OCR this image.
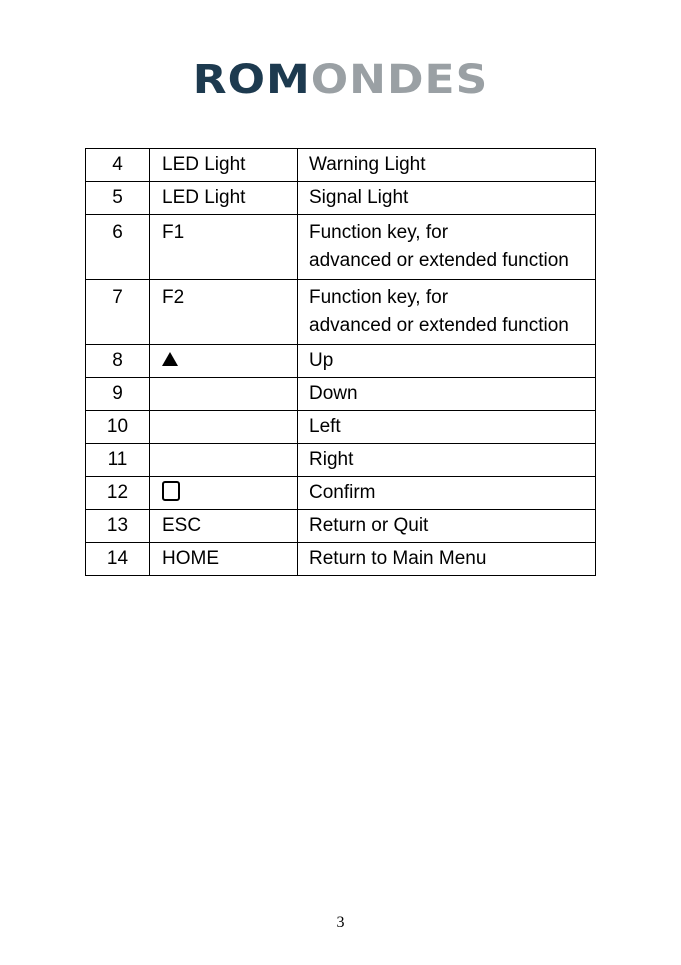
ROMONDES
4	LED Light	Warning Light

5	LED Light	Signal Light

6	F1	Function key, for
advanced or extended function

7	F2	Function key, for
advanced or extended function

8		Up

9		Down

10		Left

11		Right

12		Confirm

13	ESC	Return or Quit

14	HOME	Return to Main Menu
3
